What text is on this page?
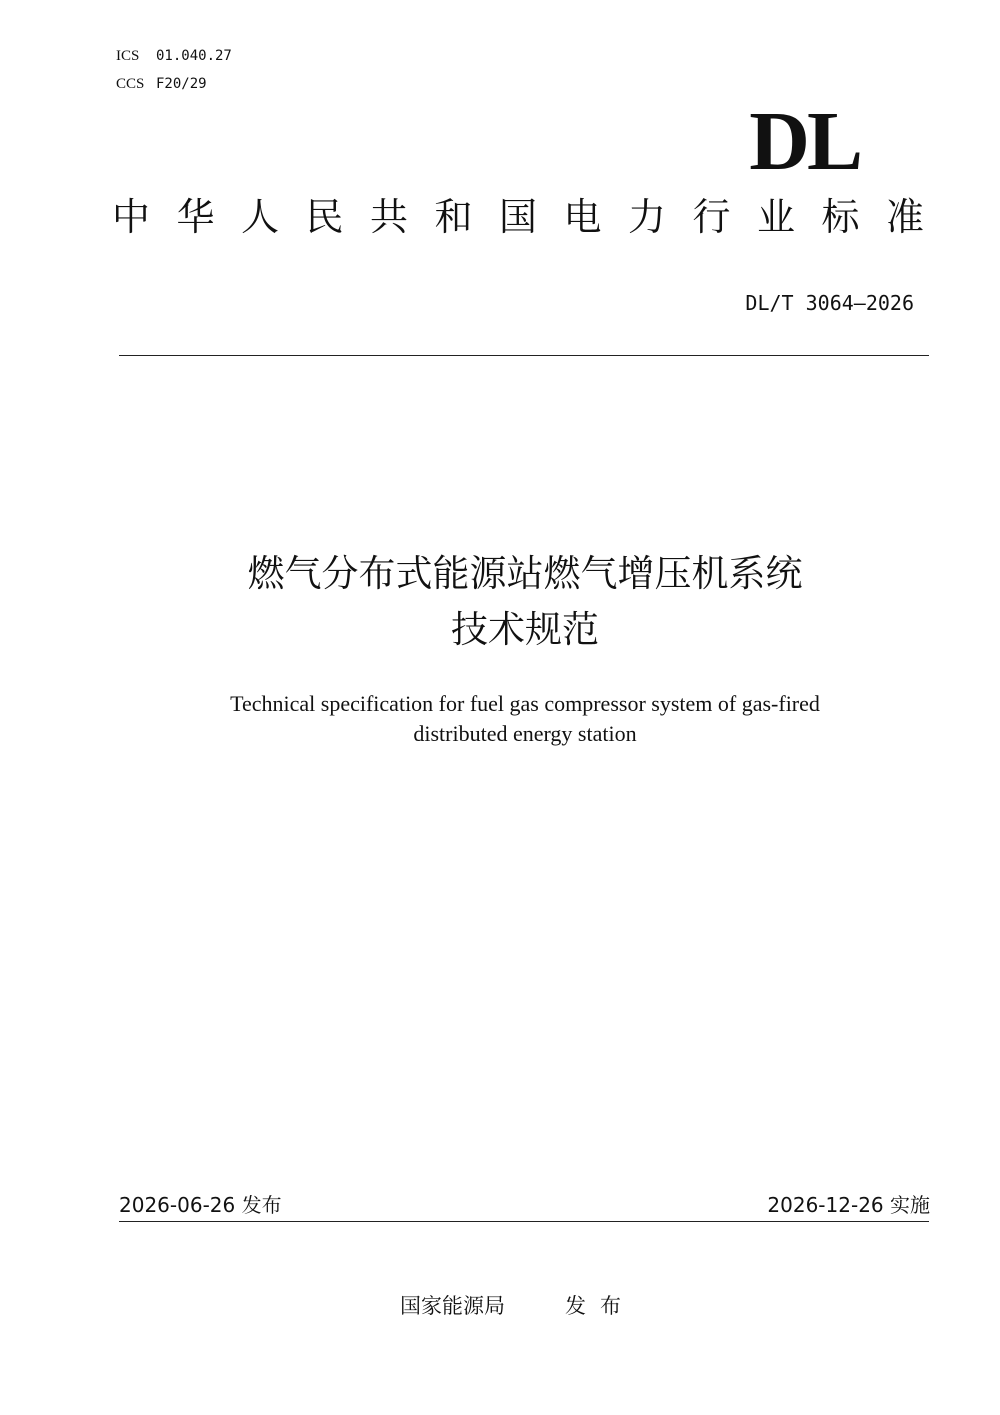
ICS 01.040.27
CCS F20/29
DL
中华人民共和国电力行业标准
DL/T 3064—2026
燃气分布式能源站燃气增压机系统
技术规范
Technical specification for fuel gas compressor system of gas-fired
distributed energy station
2026-06-26 发布	2026-12-26 实施
国家能源局	发布
